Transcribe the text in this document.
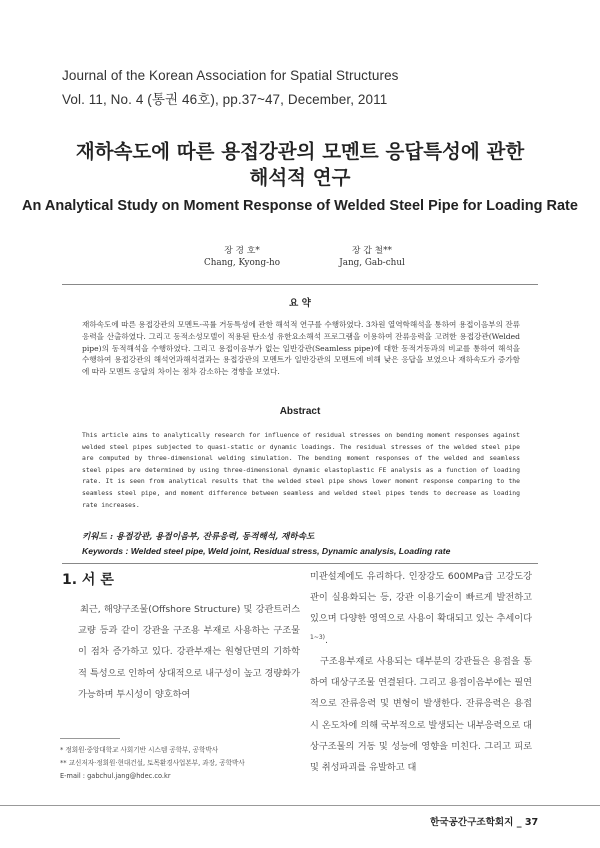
Journal of the Korean Association for Spatial Structures
Vol. 11, No. 4 (통권 46호), pp.37~47, December, 2011
재하속도에 따른 용접강관의 모멘트 응답특성에 관한
해석적 연구
An Analytical Study on Moment Response of Welded Steel Pipe for Loading Rate
장 경 호*
Chang, Kyong-ho
장 갑 철**
Jang, Gab-chul
요 약

재하속도에 따른 용접강관의 모멘트-곡률 거동특성에 관한 해석적 연구를 수행하였다. 3차원 열역학해석을 통하여 용접이음부의 잔류응력을 산출하였다. 그리고 동적소성모델이 적용된 탄소성 유한요소해석 프로그램을 이용하여 잔류응력을 고려한 용접강관(Welded pipe)의 동적해석을 수행하였다. 그리고 용접이음부가 없는 일반강관(Seamless pipe)에 대한 동적거동과의 비교를 통하여 해석을 수행하여 용접강관의 해석연과해석결과는 용접강관의 모멘트가 일반강관의 모멘트에 비해 낮은 응답을 보였으나 재하속도가 증가함에 따라 모멘트 응답의 차이는 점차 감소하는 경향을 보였다.

Abstract

This article aims to analytically research for influence of residual stresses on bending moment responses against welded steel pipes subjected to quasi-static or dynamic loadings. The residual stresses of the welded steel pipe are computed by three-dimensional welding simulation. The bending moment responses of the welded and seamless steel pipes are determined by using three-dimensional dynamic elastoplastic FE analysis as a function of loading rate. It is seen from analytical results that the welded steel pipe shows lower moment response comparing to the seamless steel pipe, and moment difference between seamless and welded steel pipes tends to decrease as loading rate increases.

키워드 : 용접강관, 용접이음부, 잔류응력, 동적해석, 재하속도
Keywords : Welded steel pipe, Weld joint, Residual stress, Dynamic analysis, Loading rate
1. 서 론

최근, 해양구조물(Offshore Structure) 및 강관트러스 교량 등과 같이 강관을 구조용 부재로 사용하는 구조물이 점차 증가하고 있다. 강관부재는 원형단면의 기하학적 특성으로 인하여 상대적으로 내구성이 높고 경량화가 가능하며 투시성이 양호하여

* 정회원·중앙대학교 사회기반 시스템 공학부, 공학박사
** 교신저자·정회원·현대건설, 토목환경사업본부, 과장, 공학박사
E-mail : gabchul.jang@hdec.co.kr

미관설계에도 유리하다. 인장강도 600MPa급 고강도강관이 실용화되는 등, 강관 이용기술이 빠르게 발전하고 있으며 다양한 영역으로 사용이 확대되고 있는 추세이다$^{1\sim 3)}$.

구조용부재로 사용되는 대부분의 강관들은 용접을 통하여 대상구조물 연결된다. 그리고 용접이음부에는 필연적으로 잔류응력 및 변형이 발생한다. 잔류응력은 용접시 온도차에 의해 국부적으로 발생되는 내부응력으로 대상구조물의 거동 및 성능에 영향을 미친다. 그리고 피로 및 취성파괴를 유발하고 대

한국공간구조학회지 _ 37
